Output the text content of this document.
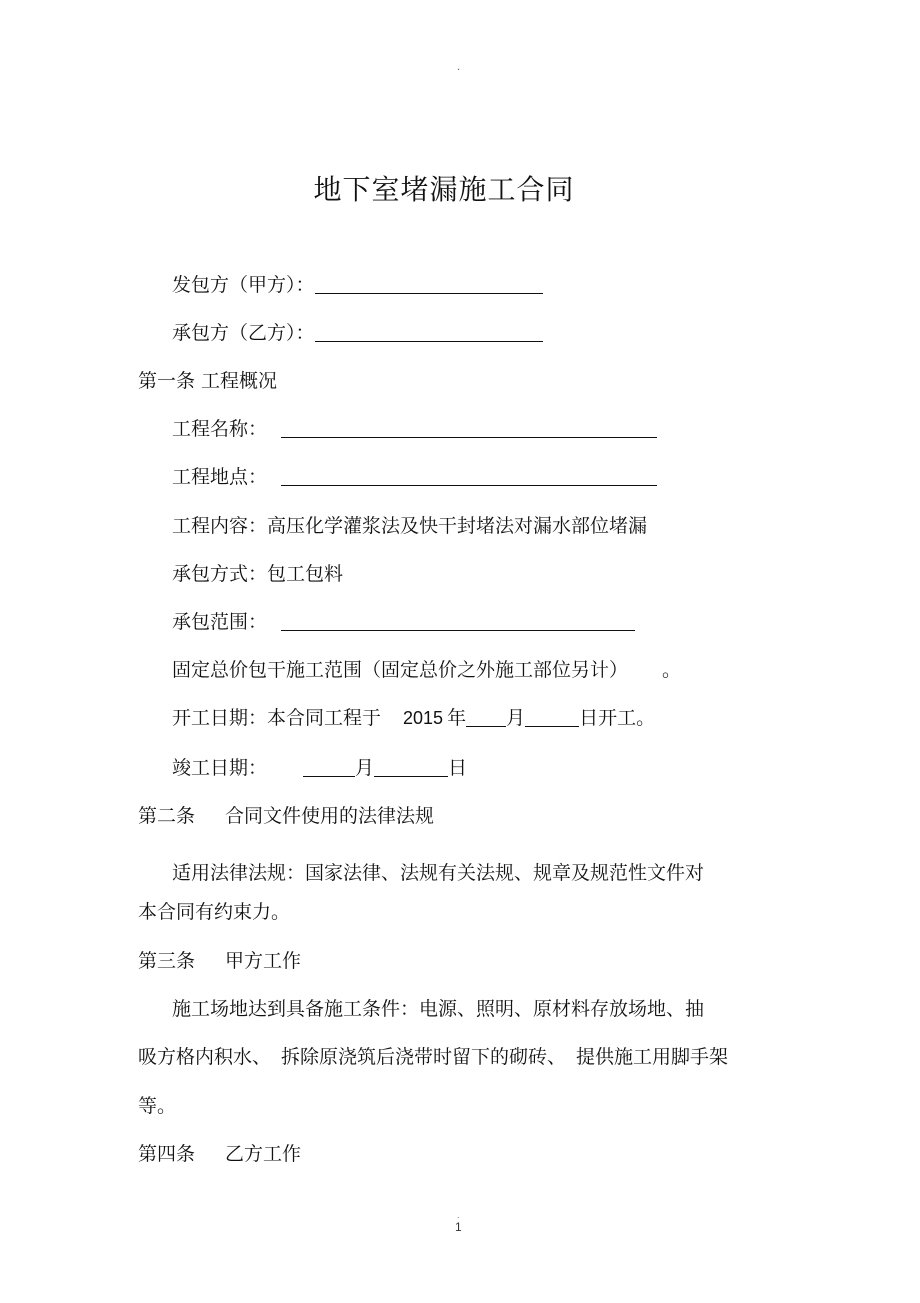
.
地下室堵漏施工合同
发包方（甲方）：
承包方（乙方）：
第一条 工程概况
工程名称：
工程地点：
工程内容：高压化学灌浆法及快干封堵法对漏水部位堵漏
承包方式：包工包料
承包范围：
固定总价包干施工范围（固定总价之外施工部位另计） 。
开工日期：本合同工程于 2015 年 月	日开工。
竣工日期：	月	日
第二条 合同文件使用的法律法规
适用法律法规：国家法律、法规有关法规、规章及规范性文件对
本合同有约束力。
第三条 甲方工作
施工场地达到具备施工条件：电源、照明、原材料存放场地、抽
吸方格内积水、 拆除原浇筑后浇带时留下的砌砖、 提供施工用脚手架
等。
第四条 乙方工作
.
1
